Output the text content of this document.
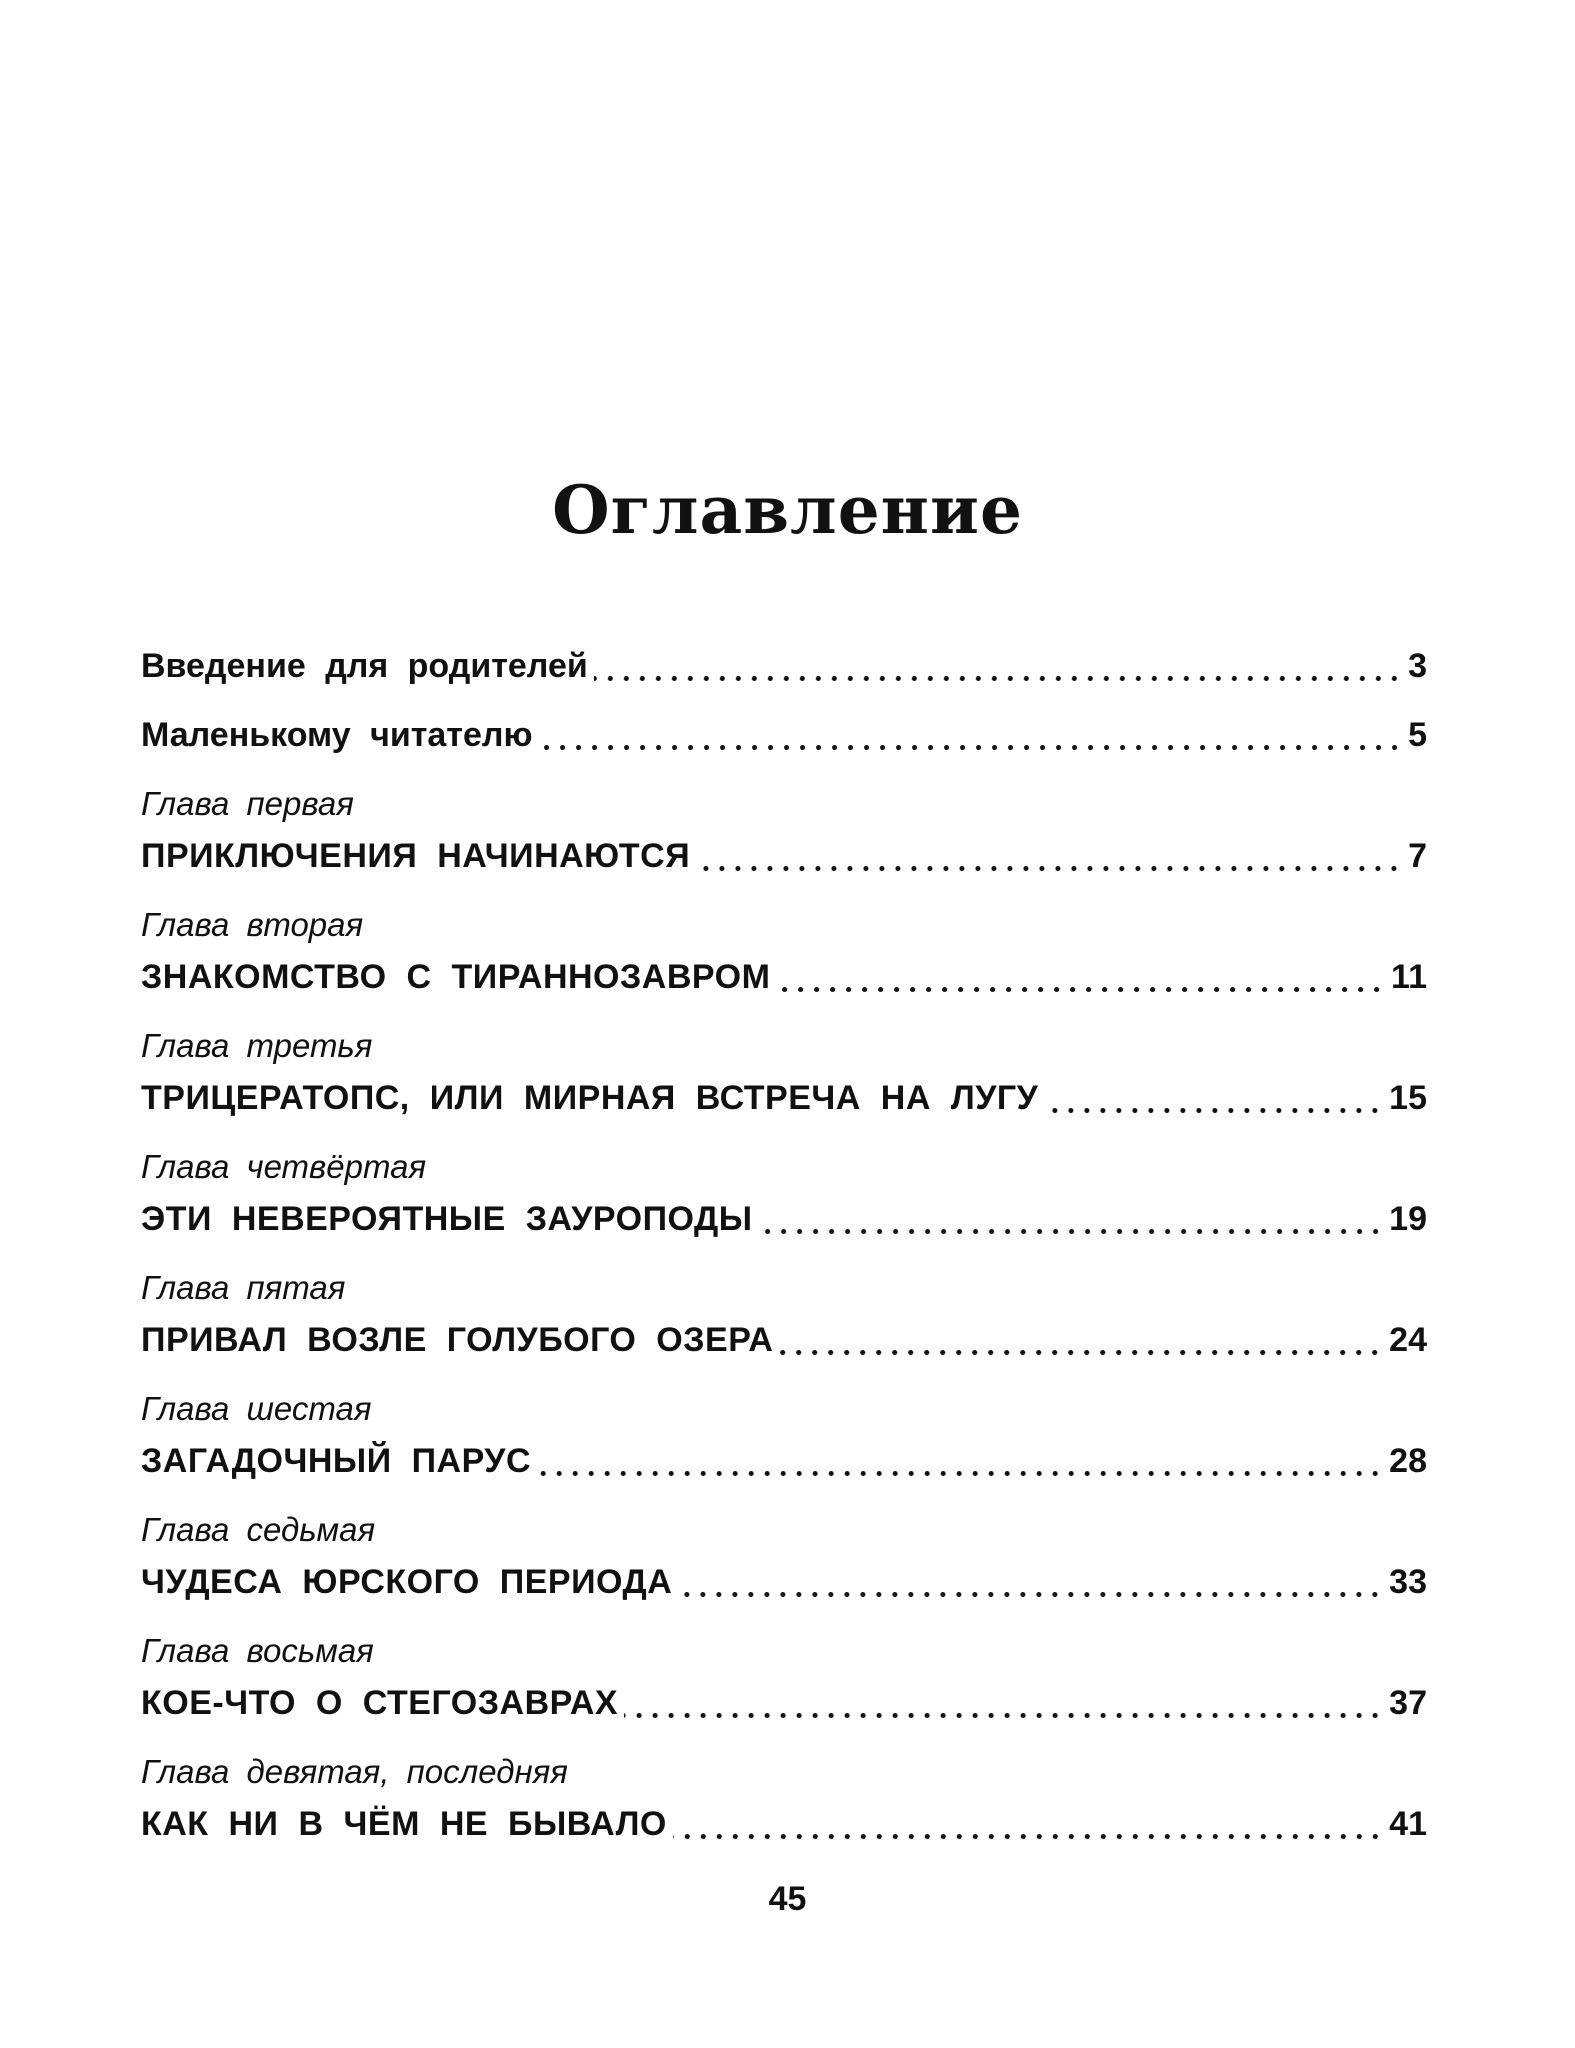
Оглавление
Введение для родителей	3
Маленькому читателю	5
Глава первая
ПРИКЛЮЧЕНИЯ НАЧИНАЮТСЯ	7
Глава вторая
ЗНАКОМСТВО С ТИРАННОЗАВРОМ	11
Глава третья
ТРИЦЕРАТОПС, ИЛИ МИРНАЯ ВСТРЕЧА НА ЛУГУ	15
Глава четвёртая
ЭТИ НЕВЕРОЯТНЫЕ ЗАУРОПОДЫ	19
Глава пятая
ПРИВАЛ ВОЗЛЕ ГОЛУБОГО ОЗЕРА	24
Глава шестая
ЗАГАДОЧНЫЙ ПАРУС	28
Глава седьмая
ЧУДЕСА ЮРСКОГО ПЕРИОДА	33
Глава восьмая
КОЕ-ЧТО О СТЕГОЗАВРАХ	37
Глава девятая, последняя
КАК НИ В ЧЁМ НЕ БЫВАЛО	41
45
